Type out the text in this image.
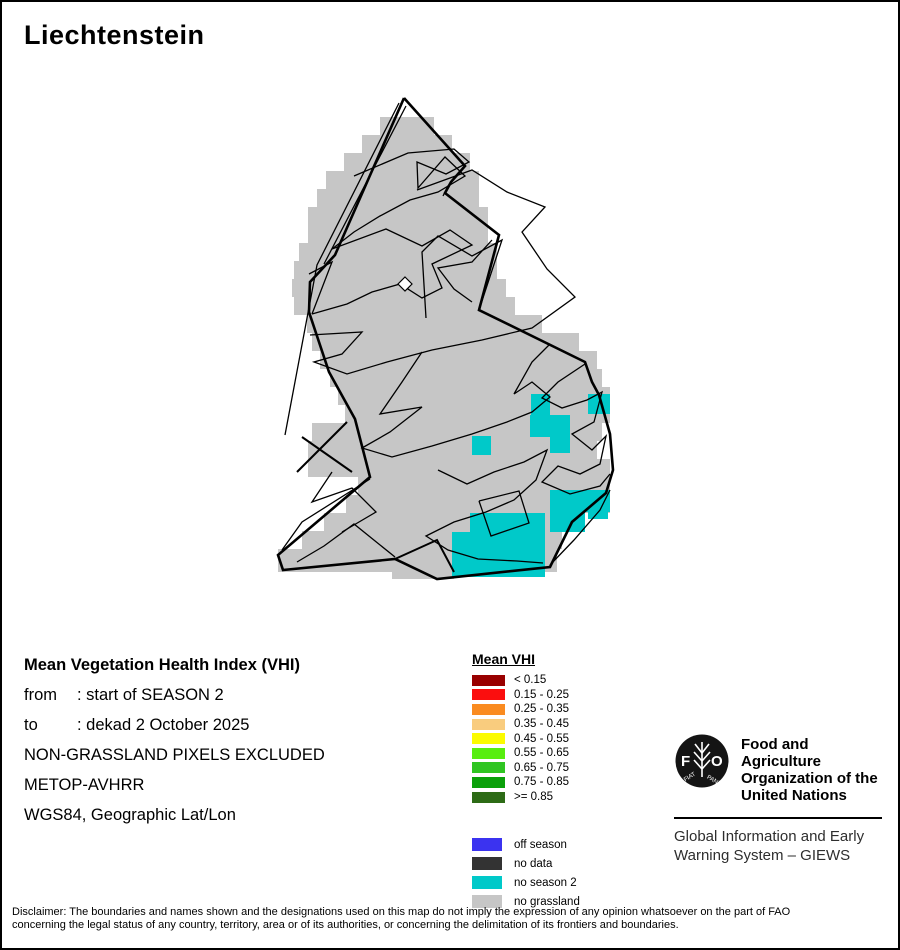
Liechtenstein
Mean Vegetation Health Index (VHI)
from	: start of SEASON 2
to	: dekad 2 October 2025
NON-GRASSLAND PIXELS EXCLUDED
METOP-AVHRR
WGS84, Geographic Lat/Lon
Mean VHI
< 0.15
0.15 - 0.25
0.25 - 0.35
0.35 - 0.45
0.45 - 0.55
0.55 - 0.65
0.65 - 0.75
0.75 - 0.85
>= 0.85
off season
no data
no season 2
no grassland
F O
FIAT PANIS
Food and Agriculture
Organization of the
United Nations
Global Information and Early
Warning System – GIEWS
Disclaimer: The boundaries and names shown and the designations used on this map do not imply the expression of any opinion whatsoever on the part of FAO
concerning the legal status of any country, territory, area or of its authorities, or concerning the delimitation of its frontiers and boundaries.
